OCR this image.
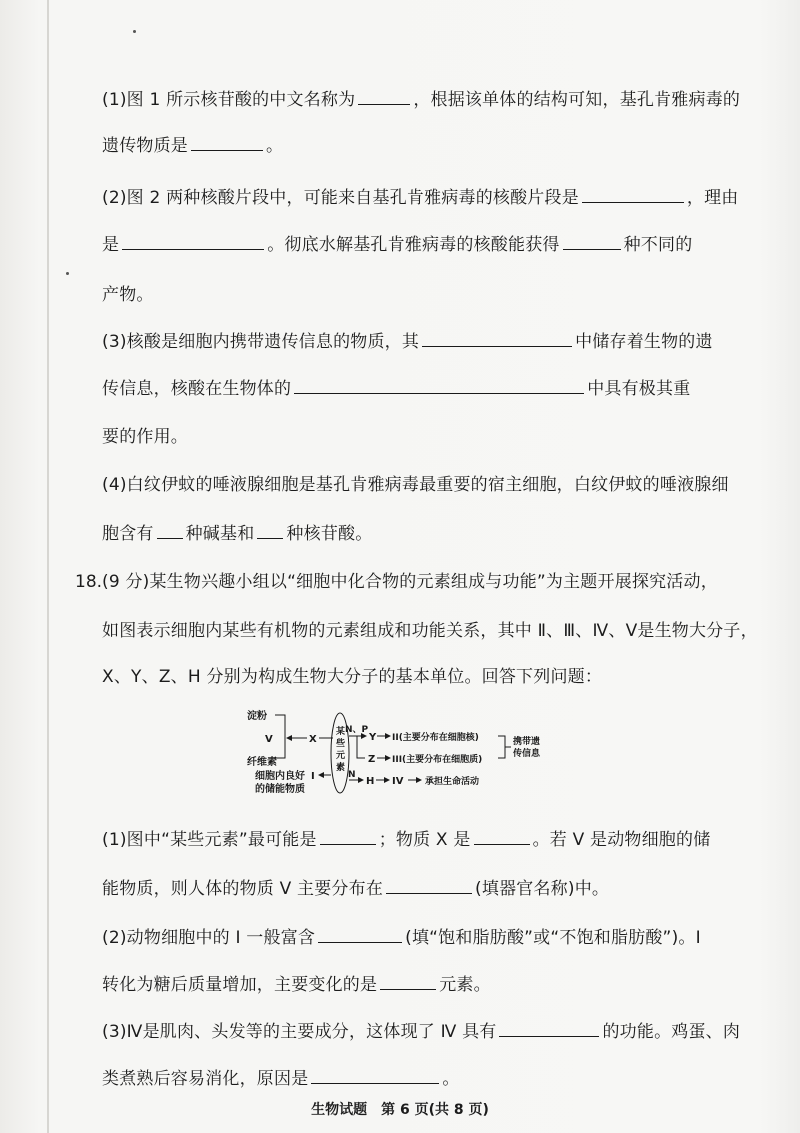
(1)图 1 所示核苷酸的中文名称为	，根据该单体的结构可知，基孔肯雅病毒的
遗传物质是	。
(2)图 2 两种核酸片段中，可能来自基孔肯雅病毒的核酸片段是	，理由
是	。彻底水解基孔肯雅病毒的核酸能获得	种不同的
产物。
(3)核酸是细胞内携带遗传信息的物质，其	中储存着生物的遗
传信息，核酸在生物体的	中具有极其重
要的作用。
(4)白纹伊蚊的唾液腺细胞是基孔肯雅病毒最重要的宿主细胞，白纹伊蚊的唾液腺细
胞含有 种碱基和 种核苷酸。
18. (9 分)某生物兴趣小组以“细胞中化合物的元素组成与功能”为主题开展探究活动，
如图表示细胞内某些有机物的元素组成和功能关系，其中 Ⅱ、Ⅲ、Ⅳ、Ⅴ是生物大分子，
X、Y、Z、H 分别为构成生物大分子的基本单位。回答下列问题：
淀粉
V
纤维素
细胞内良好
的储能物质
I
X
N、P
N
Y
Z
H
II(主要分布在细胞核)
III(主要分布在细胞质)
IV 承担生命活动
携带遗
传信息
某
些
元
素
(1)图中“某些元素”最可能是	；物质 X 是	。若 V 是动物细胞的储
能物质，则人体的物质 V 主要分布在	(填器官名称)中。
(2)动物细胞中的 Ⅰ 一般富含	(填“饱和脂肪酸”或“不饱和脂肪酸”)。Ⅰ
转化为糖后质量增加，主要变化的是	元素。
(3)Ⅳ是肌肉、头发等的主要成分，这体现了 Ⅳ 具有	的功能。鸡蛋、肉
类煮熟后容易消化，原因是	。
生物试题　第 6 页(共 8 页)
